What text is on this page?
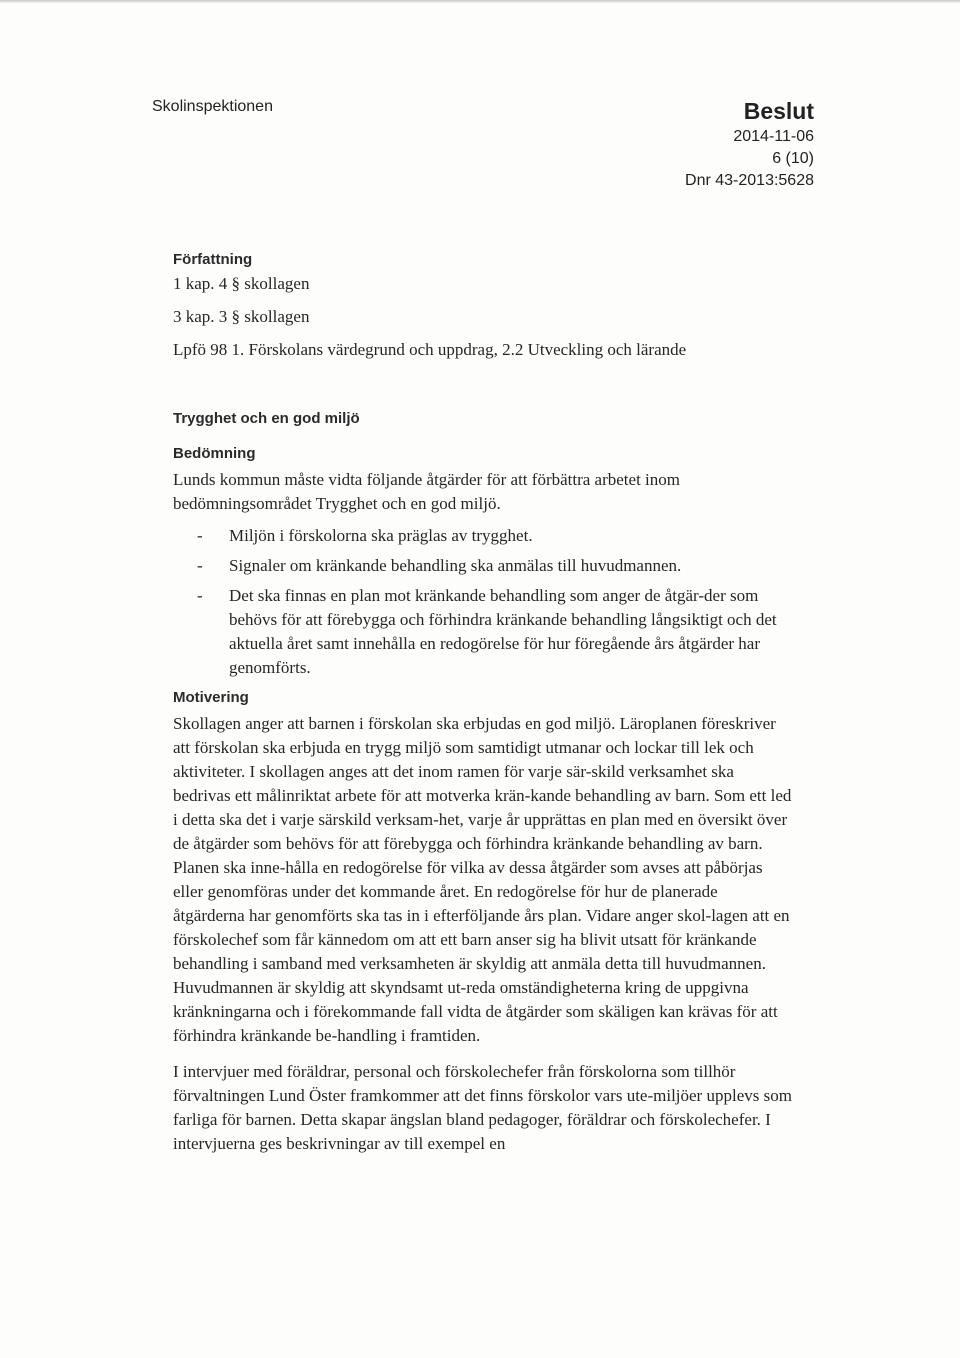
Skolinspektionen	Beslut
2014-11-06
6 (10)
Dnr 43-2013:5628
Författning

1 kap. 4 § skollagen

3 kap. 3 § skollagen

Lpfö 98 1. Förskolans värdegrund och uppdrag, 2.2 Utveckling och lärande

Trygghet och en god miljö
Bedömning

Lunds kommun måste vidta följande åtgärder för att förbättra arbetet inom bedömningsområdet Trygghet och en god miljö.

- Miljön i förskolorna ska präglas av trygghet.
- Signaler om kränkande behandling ska anmälas till huvudmannen.
- Det ska finnas en plan mot kränkande behandling som anger de åtgär-der som behövs för att förebygga och förhindra kränkande behandling långsiktigt och det aktuella året samt innehålla en redogörelse för hur föregående års åtgärder har genomförts.
Motivering

Skollagen anger att barnen i förskolan ska erbjudas en god miljö. Läroplanen föreskriver att förskolan ska erbjuda en trygg miljö som samtidigt utmanar och lockar till lek och aktiviteter. I skollagen anges att det inom ramen för varje sär-skild verksamhet ska bedrivas ett målinriktat arbete för att motverka krän-kande behandling av barn. Som ett led i detta ska det i varje särskild verksam-het, varje år upprättas en plan med en översikt över de åtgärder som behövs för att förebygga och förhindra kränkande behandling av barn. Planen ska inne-hålla en redogörelse för vilka av dessa åtgärder som avses att påbörjas eller genomföras under det kommande året. En redogörelse för hur de planerade åtgärderna har genomförts ska tas in i efterföljande års plan. Vidare anger skol-lagen att en förskolechef som får kännedom om att ett barn anser sig ha blivit utsatt för kränkande behandling i samband med verksamheten är skyldig att anmäla detta till huvudmannen. Huvudmannen är skyldig att skyndsamt ut-reda omständigheterna kring de uppgivna kränkningarna och i förekommande fall vidta de åtgärder som skäligen kan krävas för att förhindra kränkande be-handling i framtiden.

I intervjuer med föräldrar, personal och förskolechefer från förskolorna som tillhör förvaltningen Lund Öster framkommer att det finns förskolor vars ute-miljöer upplevs som farliga för barnen. Detta skapar ängslan bland pedagoger, föräldrar och förskolechefer. I intervjuerna ges beskrivningar av till exempel en
